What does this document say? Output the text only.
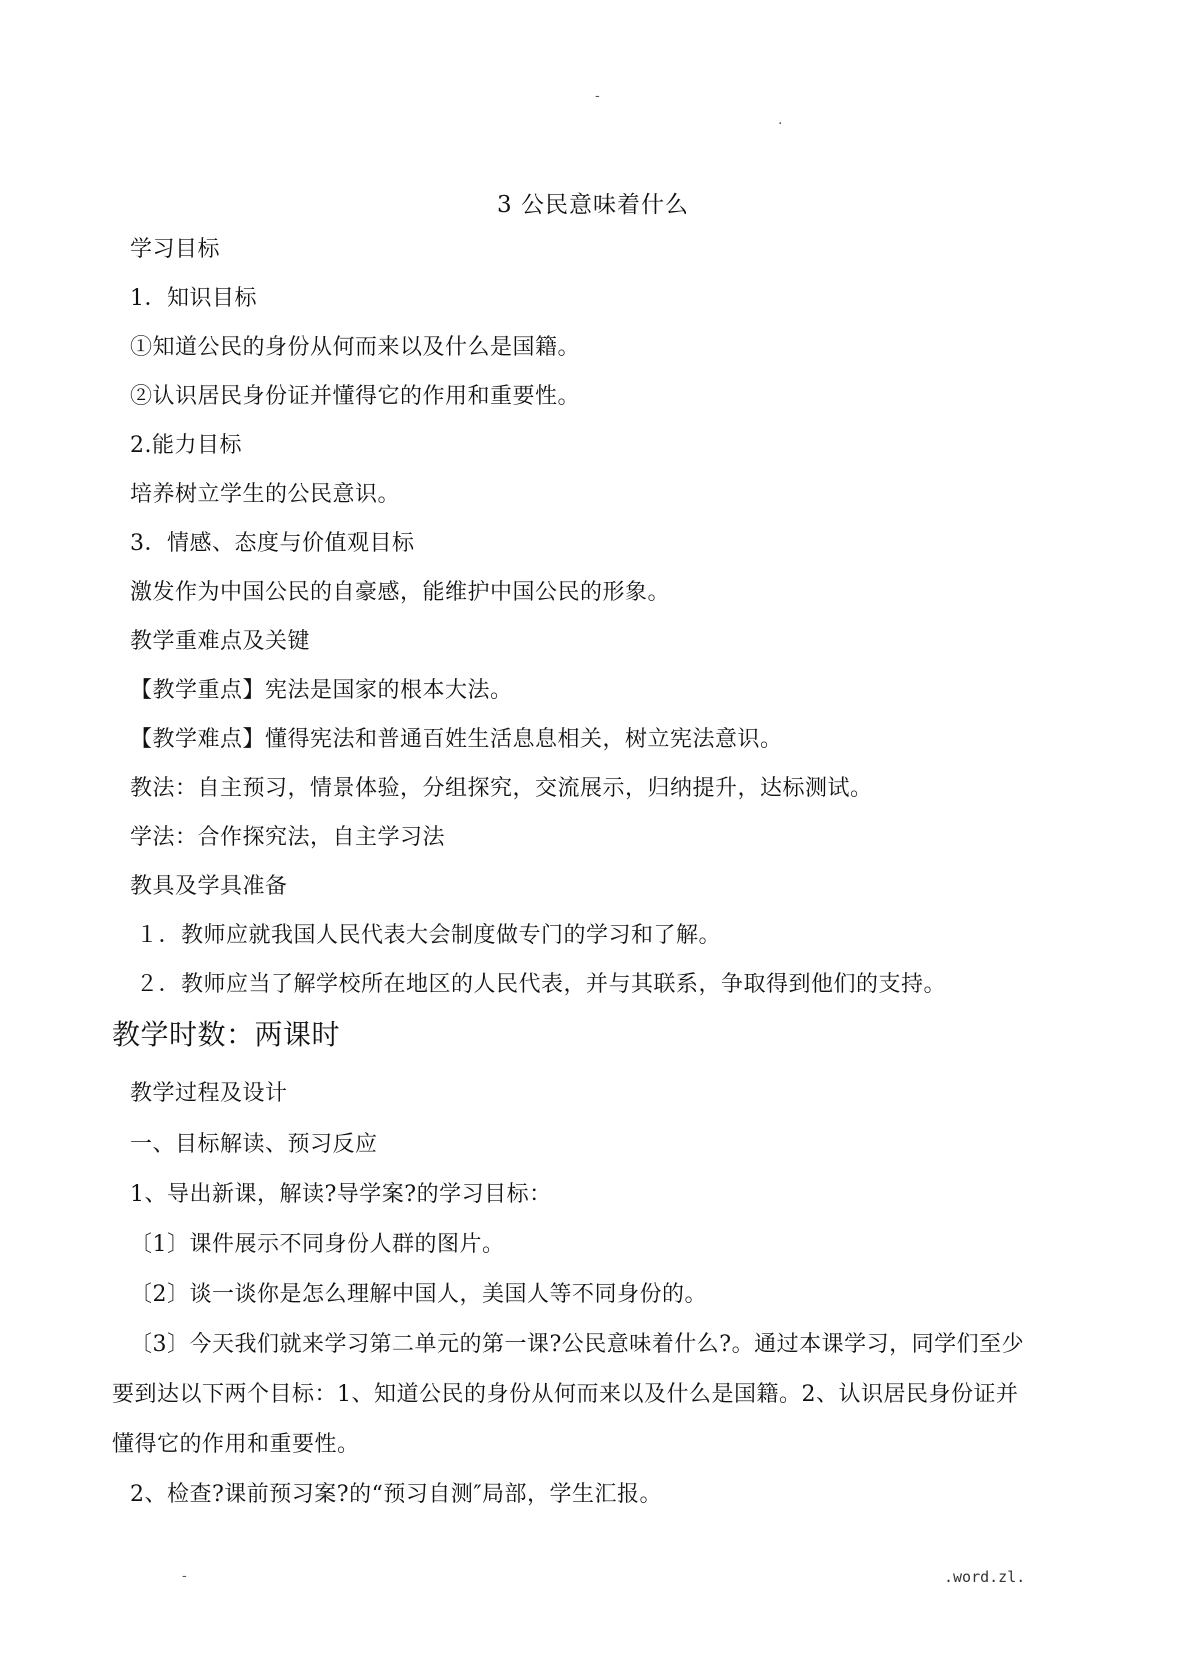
-
.
3 公民意味着什么
学习目标
1．知识目标
①知道公民的身份从何而来以及什么是国籍。
②认识居民身份证并懂得它的作用和重要性。
2.能力目标
培养树立学生的公民意识。
3．情感、态度与价值观目标
激发作为中国公民的自豪感，能维护中国公民的形象。
教学重难点及关键
【教学重点】宪法是国家的根本大法。
【教学难点】懂得宪法和普通百姓生活息息相关，树立宪法意识。
教法：自主预习，情景体验，分组探究，交流展示，归纳提升，达标测试。
学法：合作探究法，自主学习法
教具及学具准备
１．教师应就我国人民代表大会制度做专门的学习和了解。
２．教师应当了解学校所在地区的人民代表，并与其联系，争取得到他们的支持。
教学时数：两课时
教学过程及设计
一、目标解读、预习反应
1、导出新课，解读?导学案?的学习目标：
〔1〕课件展示不同身份人群的图片。
〔2〕谈一谈你是怎么理解中国人，美国人等不同身份的。
〔3〕今天我们就来学习第二单元的第一课?公民意味着什么?。通过本课学习，同学们至少
要到达以下两个目标：1、知道公民的身份从何而来以及什么是国籍。2、认识居民身份证并
懂得它的作用和重要性。
2、检查?课前预习案?的“预习自测″局部，学生汇报。
-	.word.zl.
